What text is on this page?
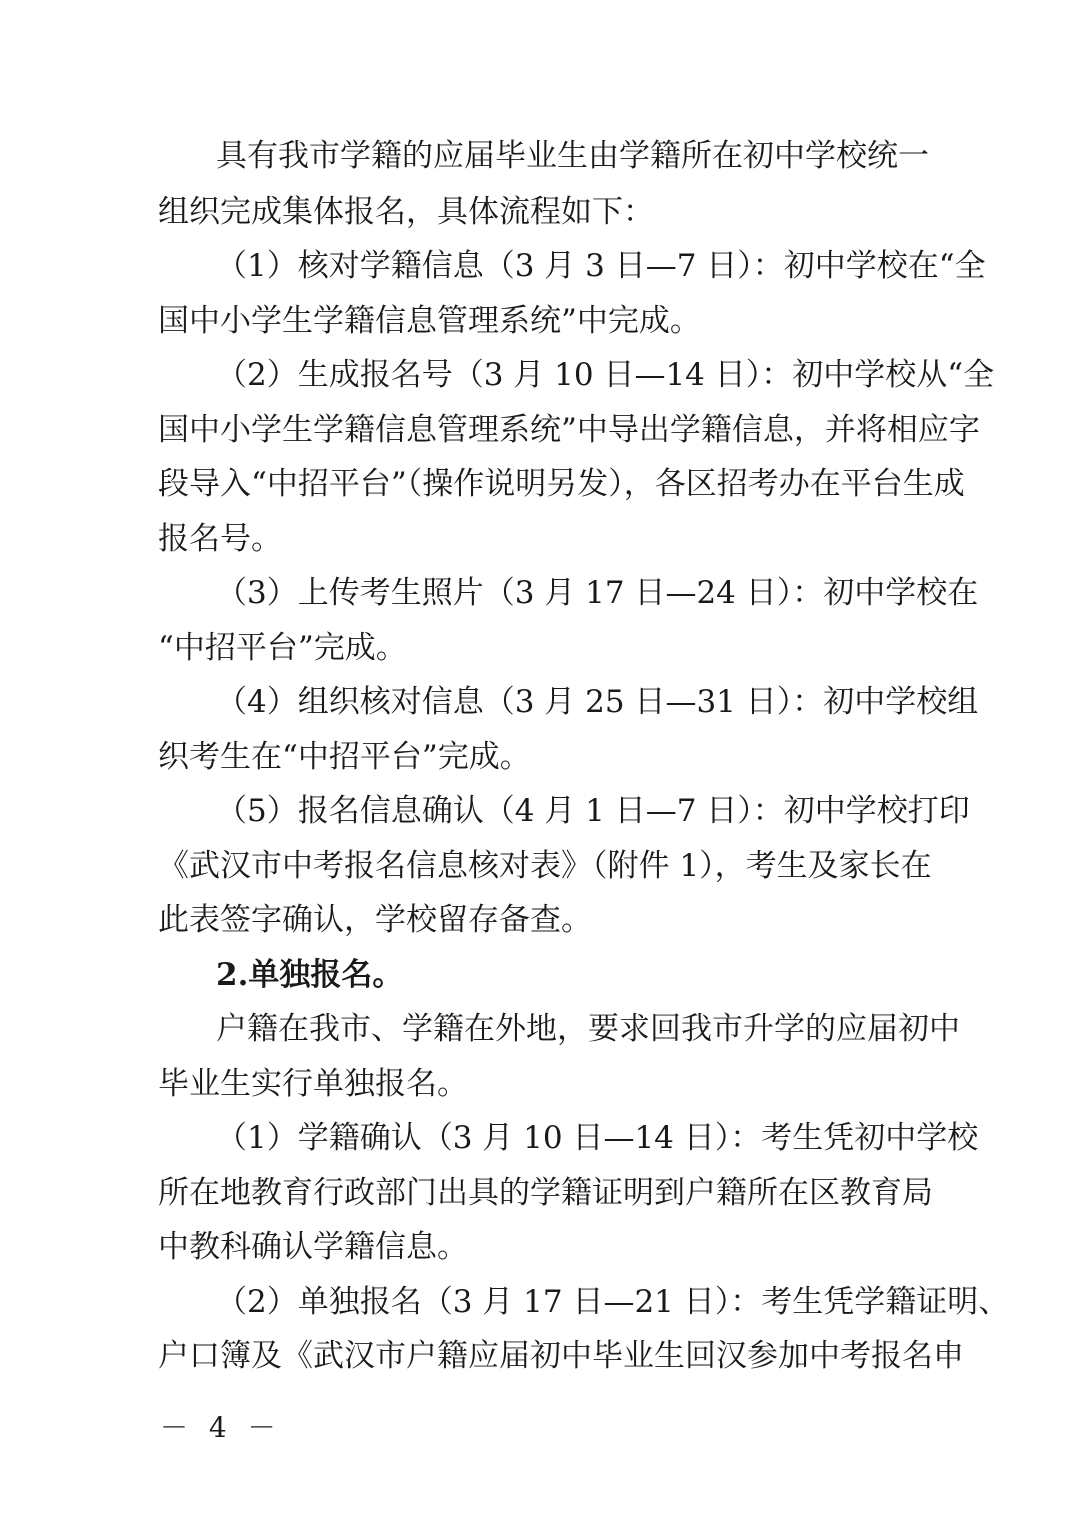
具有我市学籍的应届毕业生由学籍所在初中学校统一
组织完成集体报名，具体流程如下：
（1）核对学籍信息（3 月 3 日—7 日）：初中学校在“全
国中小学生学籍信息管理系统”中完成。
（2）生成报名号（3 月 10 日—14 日）：初中学校从“全
国中小学生学籍信息管理系统”中导出学籍信息，并将相应字
段导入“中招平台”（操作说明另发），各区招考办在平台生成
报名号。
（3）上传考生照片（3 月 17 日—24 日）：初中学校在
“中招平台”完成。
（4）组织核对信息（3 月 25 日—31 日）：初中学校组
织考生在“中招平台”完成。
（5）报名信息确认（4 月 1 日—7 日）：初中学校打印
《武汉市中考报名信息核对表》（附件 1），考生及家长在
此表签字确认，学校留存备查。
2.单独报名。
户籍在我市、学籍在外地，要求回我市升学的应届初中
毕业生实行单独报名。
（1）学籍确认（3 月 10 日—14 日）：考生凭初中学校
所在地教育行政部门出具的学籍证明到户籍所在区教育局
中教科确认学籍信息。
（2）单独报名（3 月 17 日—21 日）：考生凭学籍证明、
户口簿及《武汉市户籍应届初中毕业生回汉参加中考报名申
－ 4 －
